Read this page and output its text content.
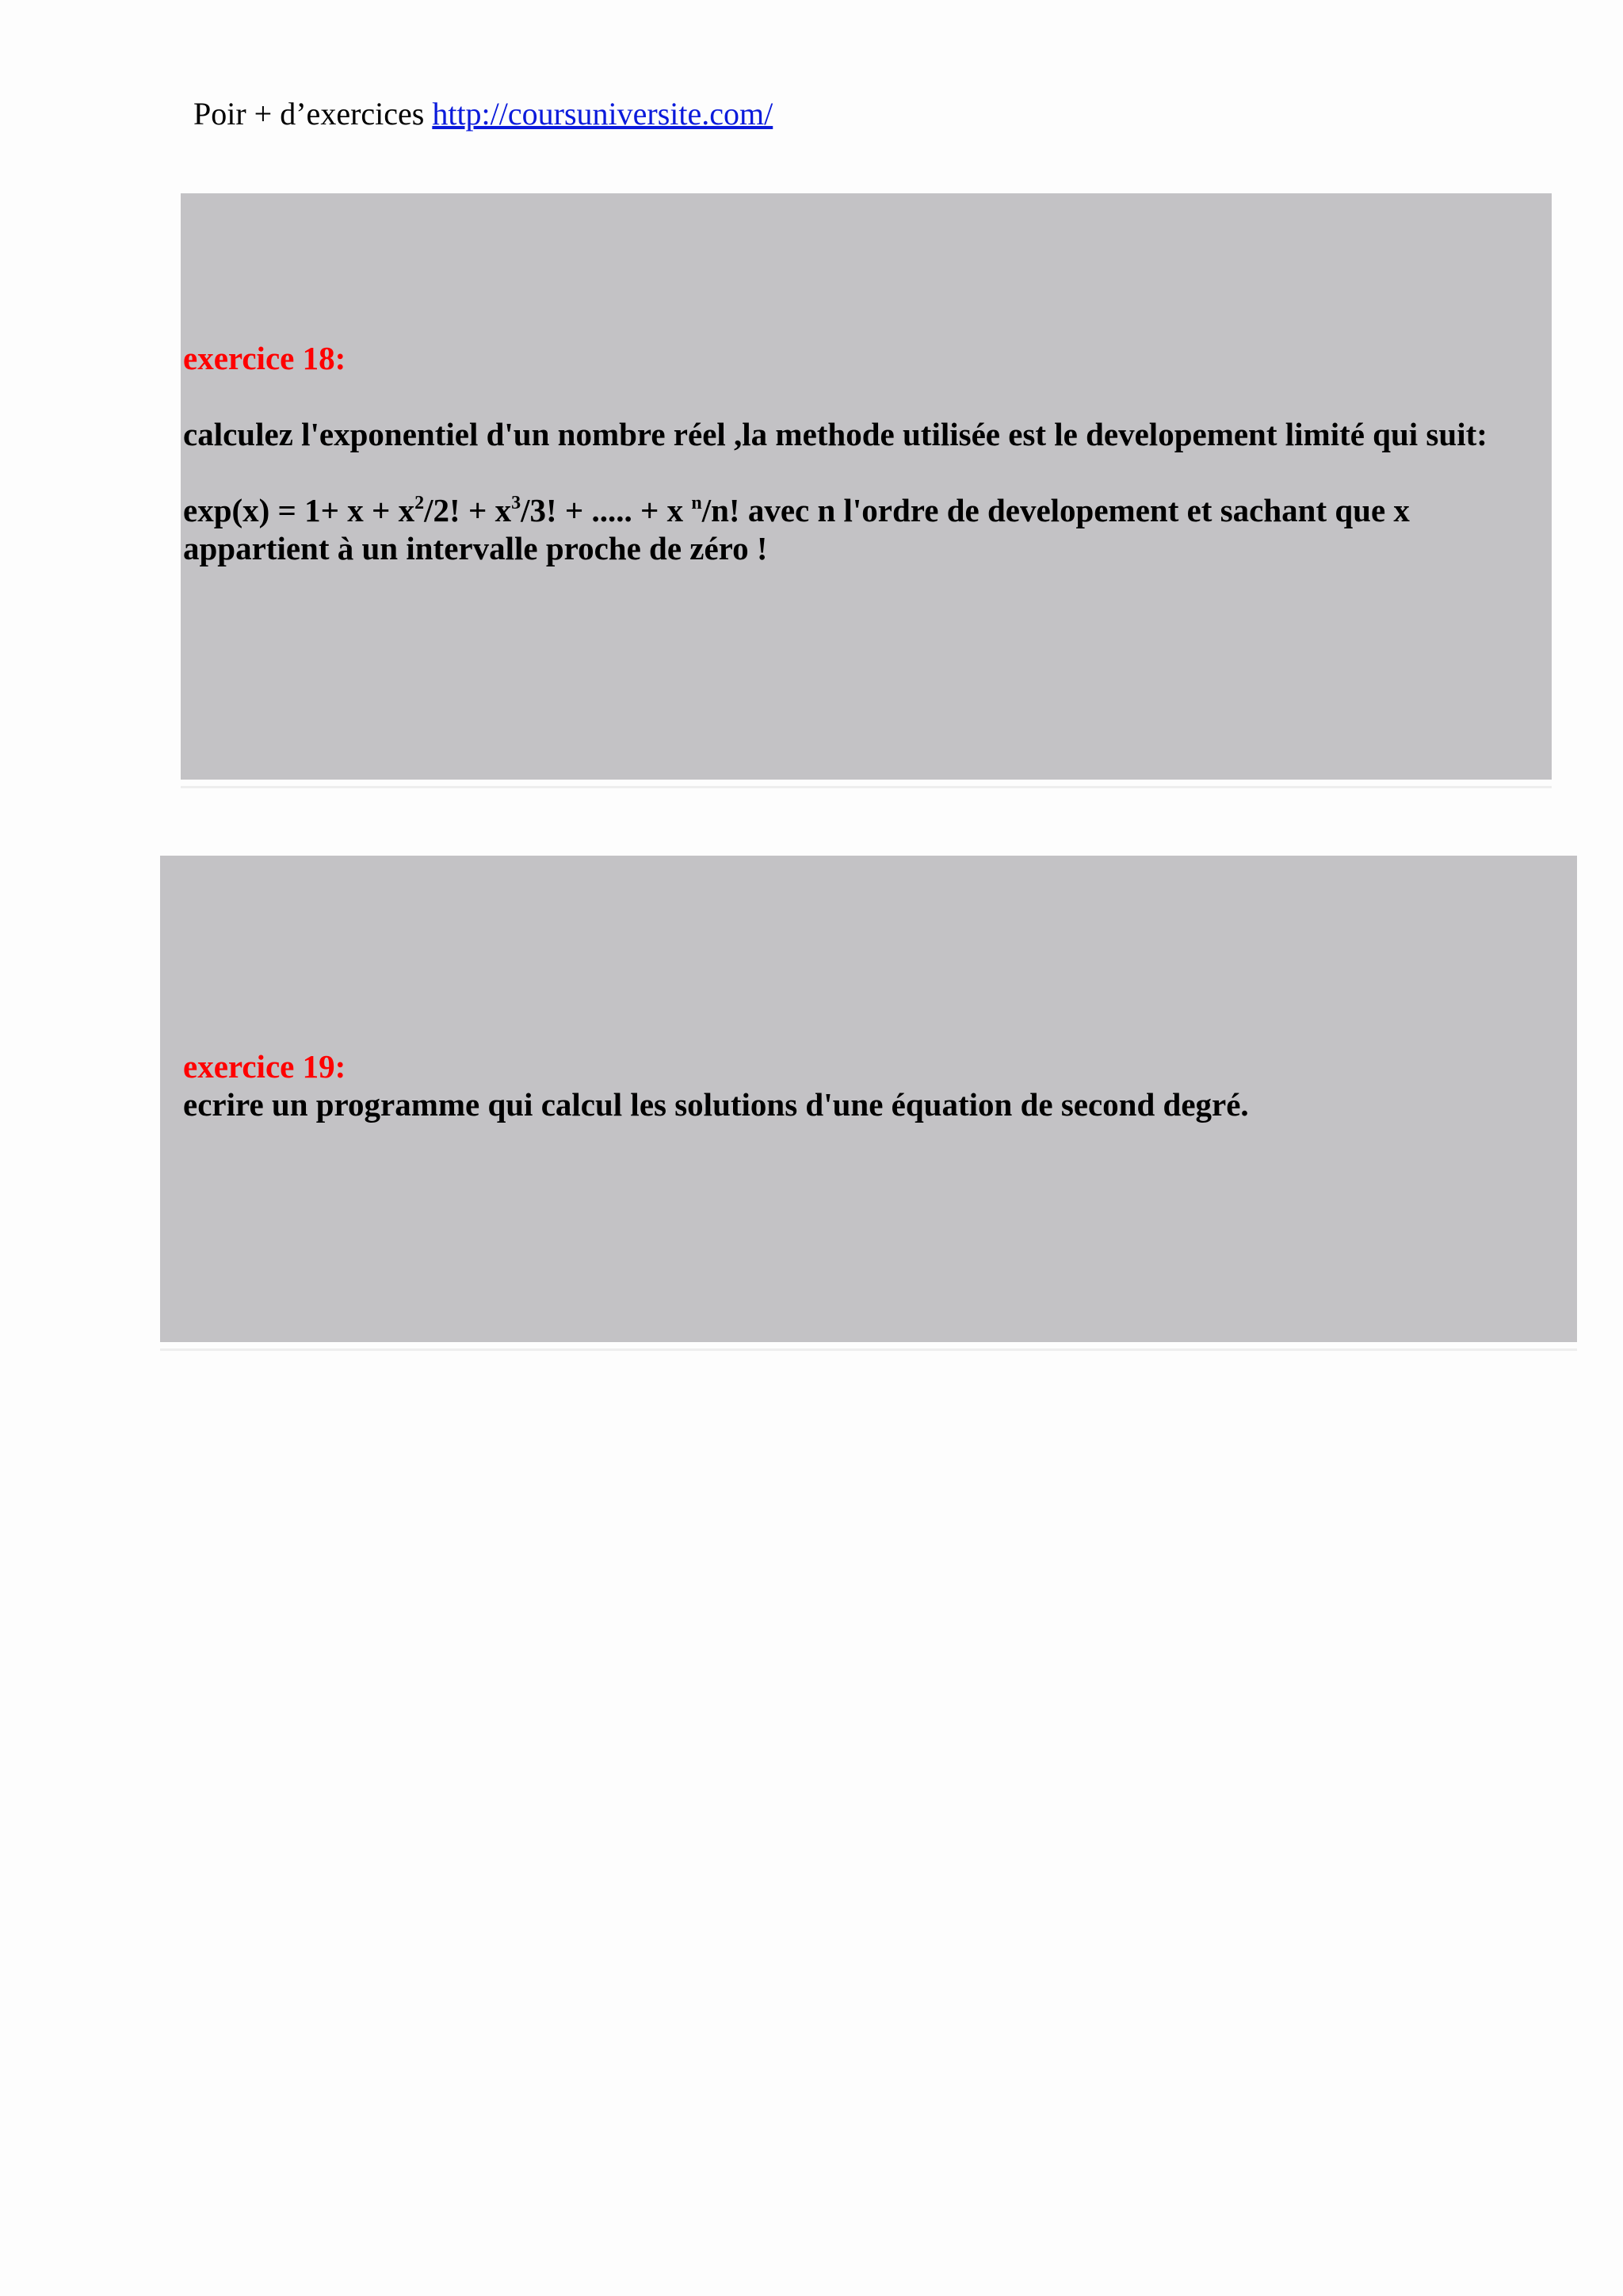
Poir + d’exercices http://coursuniversite.com/
exercice 18:
calculez l'exponentiel d'un nombre réel ,la methode utilisée est le developement limité qui suit:
$\exp(x) = 1+ x + x^2/2$! + $x^3/3$! + ..... + x $^n$/n! avec n l'ordre de developement et sachant que x
appartient à un intervalle proche de zéro !
exercice 19:
ecrire un programme qui calcul les solutions d'une équation de second degré.
